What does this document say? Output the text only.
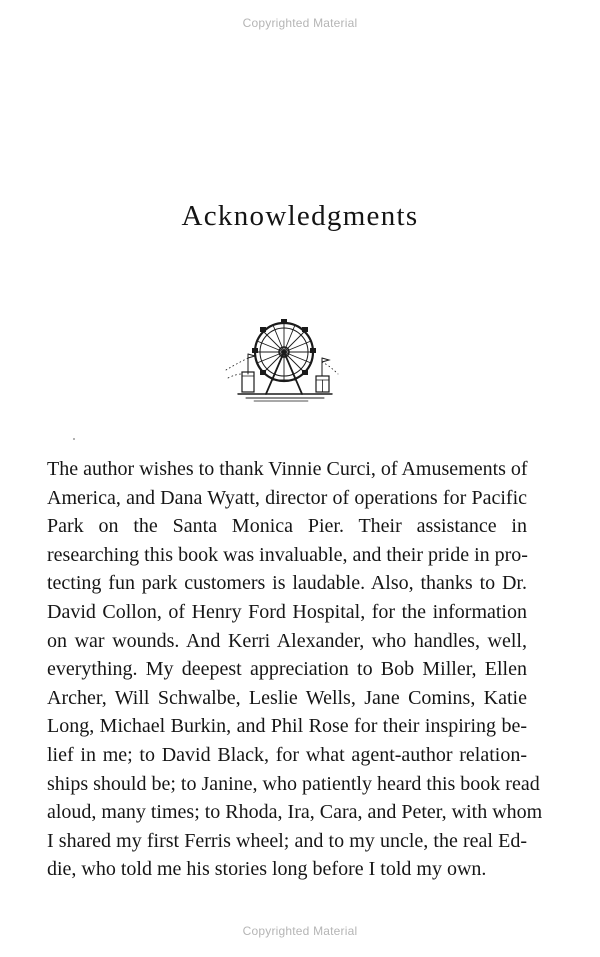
Copyrighted Material
Acknowledgments
The author wishes to thank Vinnie Curci, of Amusements of
America, and Dana Wyatt, director of operations for Pacific
Park on the Santa Monica Pier. Their assistance in
researching this book was invaluable, and their pride in pro-
tecting fun park customers is laudable. Also, thanks to Dr.
David Collon, of Henry Ford Hospital, for the information
on war wounds. And Kerri Alexander, who handles, well,
everything. My deepest appreciation to Bob Miller, Ellen
Archer, Will Schwalbe, Leslie Wells, Jane Comins, Katie
Long, Michael Burkin, and Phil Rose for their inspiring be-
lief in me; to David Black, for what agent-author relation-
ships should be; to Janine, who patiently heard this book read
aloud, many times; to Rhoda, Ira, Cara, and Peter, with whom
I shared my first Ferris wheel; and to my uncle, the real Ed-
die, who told me his stories long before I told my own.
Copyrighted Material
